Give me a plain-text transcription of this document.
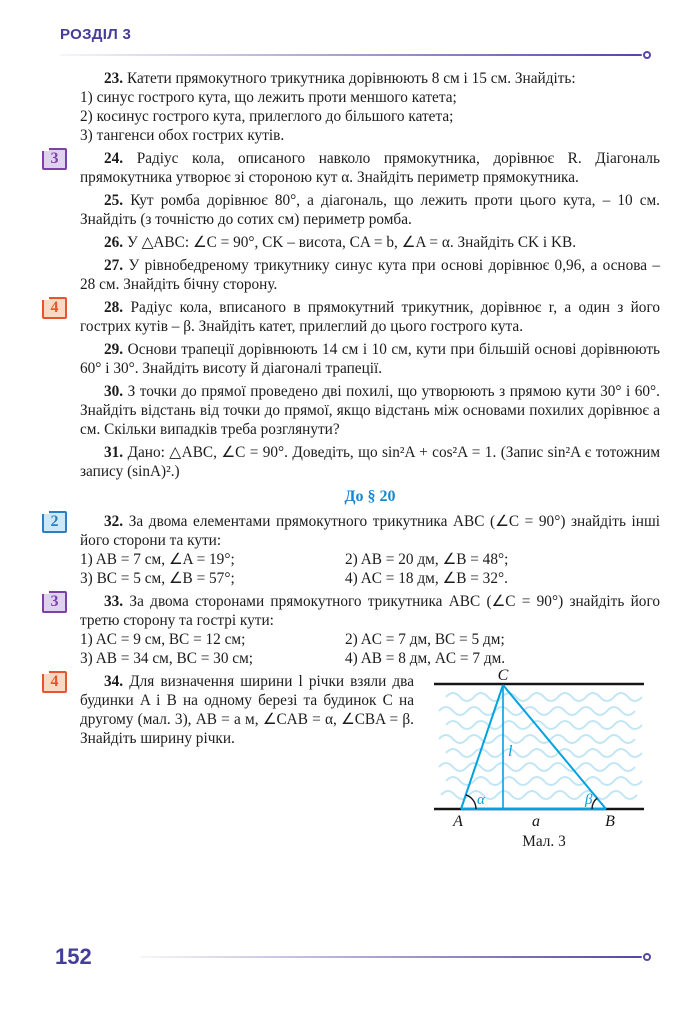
РОЗДІЛ 3

23. Катети прямокутного трикутника дорівнюють 8 см і 15 см. Знайдіть:

1) синус гострого кута, що лежить проти меншого катета;
2) косинус гострого кута, прилеглого до більшого катета;
3) тангенси обох гострих кутів.
3	24. Радіус кола, описаного навколо прямокутника, дорівнює R. Діагональ прямокутника утворює зі стороною кут α. Знайдіть периметр прямокутника.

25. Кут ромба дорівнює 80°, а діагональ, що лежить проти цього кута, – 10 см. Знайдіть (з точністю до сотих см) периметр ромба.

26. У △ABC: ∠C = 90°, CK – висота, CA = b, ∠A = α. Знайдіть CK і KB.

27. У рівнобедреному трикутнику синус кута при основі дорівнює 0,96, а основа – 28 см. Знайдіть бічну сторону.

4	28. Радіус кола, вписаного в прямокутний трикутник, дорівнює r, а один з його гострих кутів – β. Знайдіть катет, прилеглий до цього гострого кута.

29. Основи трапеції дорівнюють 14 см і 10 см, кути при більшій основі дорівнюють 60° і 30°. Знайдіть висоту й діагоналі трапеції.

30. З точки до прямої проведено дві похилі, що утворюють з прямою кути 30° і 60°. Знайдіть відстань від точки до прямої, якщо відстань між основами похилих дорівнює a см. Скільки випадків треба розглянути?

31. Дано: △ABC, ∠C = 90°. Доведіть, що sin²A + cos²A = 1. (Запис sin²A є тотожним запису (sinA)².)

До § 20
2	32. За двома елементами прямокутного трикутника ABC (∠C = 90°) знайдіть інші його сторони та кути:

1) AB = 7 см, ∠A = 19°;	2) AB = 20 дм, ∠B = 48°;
3) BC = 5 см, ∠B = 57°;	4) AC = 18 дм, ∠B = 32°.
3	33. За двома сторонами прямокутного трикутника ABC (∠C = 90°) знайдіть його третю сторону та гострі кути:

1) AC = 9 см, BC = 12 см;	2) AC = 7 дм, BC = 5 дм;
3) AB = 34 см, BC = 30 см;	4) AB = 8 дм, AC = 7 дм.
4	34. Для визначення ширини l річки взяли два будинки A і B на одному березі та будинок C на другому (мал. 3), AB = a м, ∠CAB = α, ∠CBA = β. Знайдіть ширину річки.

C
A	B
a
l
α	β
Мал. 3
152
